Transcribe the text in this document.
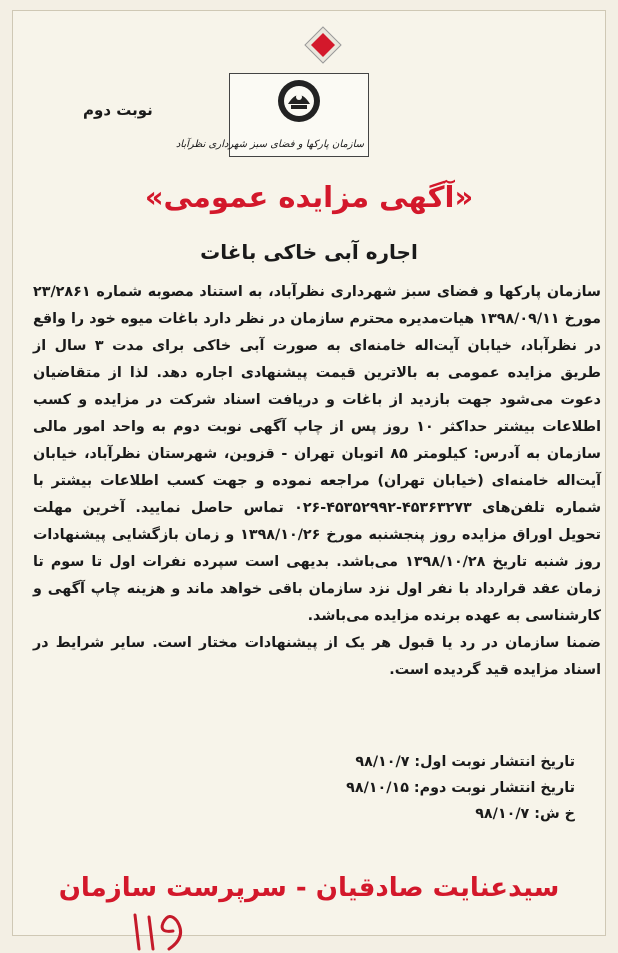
سازمان پارکها و فضای سبز شهرداری نظرآباد
نوبت دوم
«آگهی مزایده عمومی»
اجاره آبی خاکی باغات

سازمان پارکها و فضای سبز شهرداری نظرآباد، به استناد مصوبه شماره ۲۳/۲۸۶۱ مورخ ۱۳۹۸/۰۹/۱۱ هیات‌مدیره محترم سازمان در نظر دارد باغات میوه خود را واقع در نظرآباد، خیابان آیت‌اله خامنه‌ای به صورت آبی خاکی برای مدت ۳ سال از طریق مزایده عمومی به بالاترین قیمت پیشنهادی اجاره دهد. لذا از متقاضیان دعوت می‌شود جهت بازدید از باغات و دریافت اسناد شرکت در مزایده و کسب اطلاعات بیشتر حداکثر ۱۰ روز پس از چاپ آگهی نوبت دوم به واحد امور مالی سازمان به آدرس: کیلومتر ۸۵ اتوبان تهران - قزوین، شهرستان نظرآباد، خیابان آیت‌اله خامنه‌ای (خیابان تهران) مراجعه نموده و جهت کسب اطلاعات بیشتر با شماره تلفن‌های ۴۵۳۶۳۲۷۳-۴۵۳۵۲۹۹۲-۰۲۶ تماس حاصل نمایید. آخرین مهلت تحویل اوراق مزایده روز پنجشنبه مورخ ۱۳۹۸/۱۰/۲۶ و زمان بازگشایی پیشنهادات روز شنبه تاریخ ۱۳۹۸/۱۰/۲۸ می‌باشد. بدیهی است سپرده نفرات اول تا سوم تا زمان عقد قرارداد با نفر اول نزد سازمان باقی خواهد ماند و هزینه چاپ آگهی و کارشناسی به عهده برنده مزایده می‌باشد.

ضمنا سازمان در رد یا قبول هر یک از پیشنهادات مختار است. سایر شرایط در اسناد مزایده قید گردیده است.

تاریخ انتشار نوبت اول: ۹۸/۱۰/۷
تاریخ انتشار نوبت دوم: ۹۸/۱۰/۱۵
خ ش: ۹۸/۱۰/۷
سیدعنایت صادقیان - سرپرست سازمان
